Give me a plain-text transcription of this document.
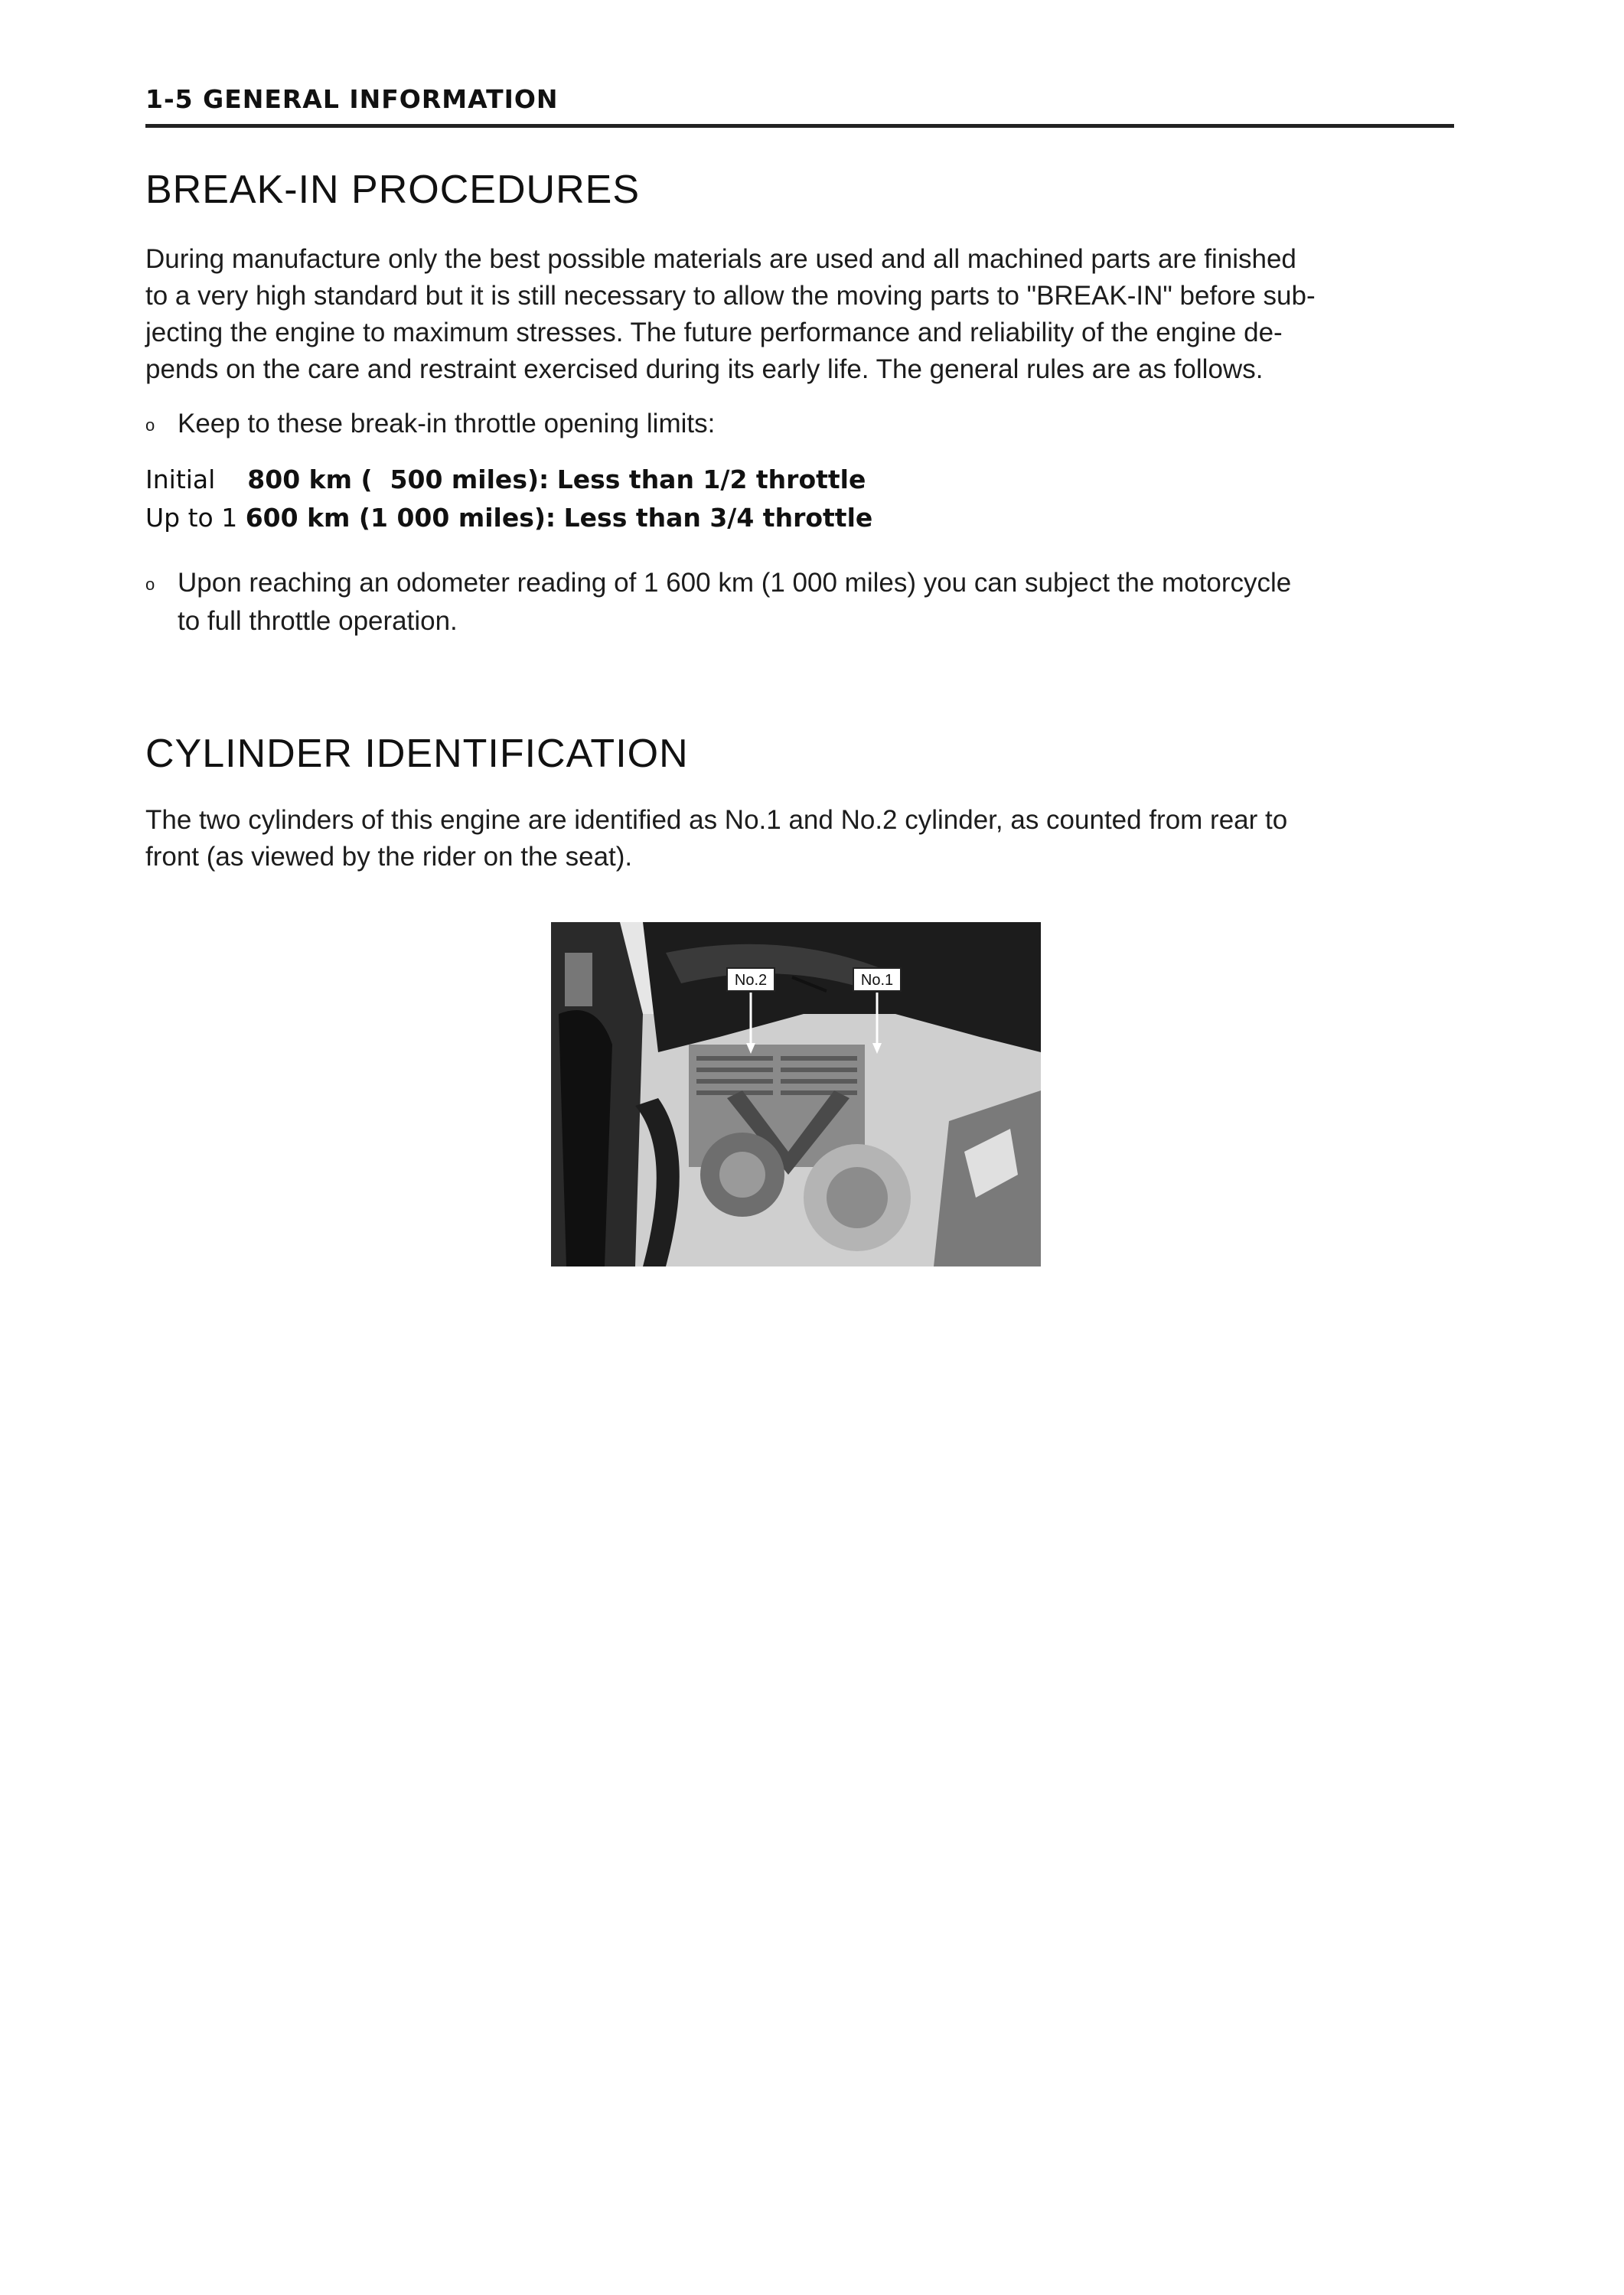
1-5 GENERAL INFORMATION
BREAK-IN PROCEDURES
During manufacture only the best possible materials are used and all machined parts are finished
to a very high standard but it is still necessary to allow the moving parts to "BREAK-IN" before sub-
jecting the engine to maximum stresses. The future performance and reliability of the engine de-
pends on the care and restraint exercised during its early life. The general rules are as follows.
o Keep to these break-in throttle opening limits:
Initial 800 km (  500 miles): Less than 1/2 throttle
Up to 1 600 km (1 000 miles): Less than 3/4 throttle
o Upon reaching an odometer reading of 1 600 km (1 000 miles) you can subject the motorcycle
to full throttle operation.
CYLINDER IDENTIFICATION
The two cylinders of this engine are identified as No.1 and No.2 cylinder, as counted from rear to
front (as viewed by the rider on the seat).
No.2	No.1
